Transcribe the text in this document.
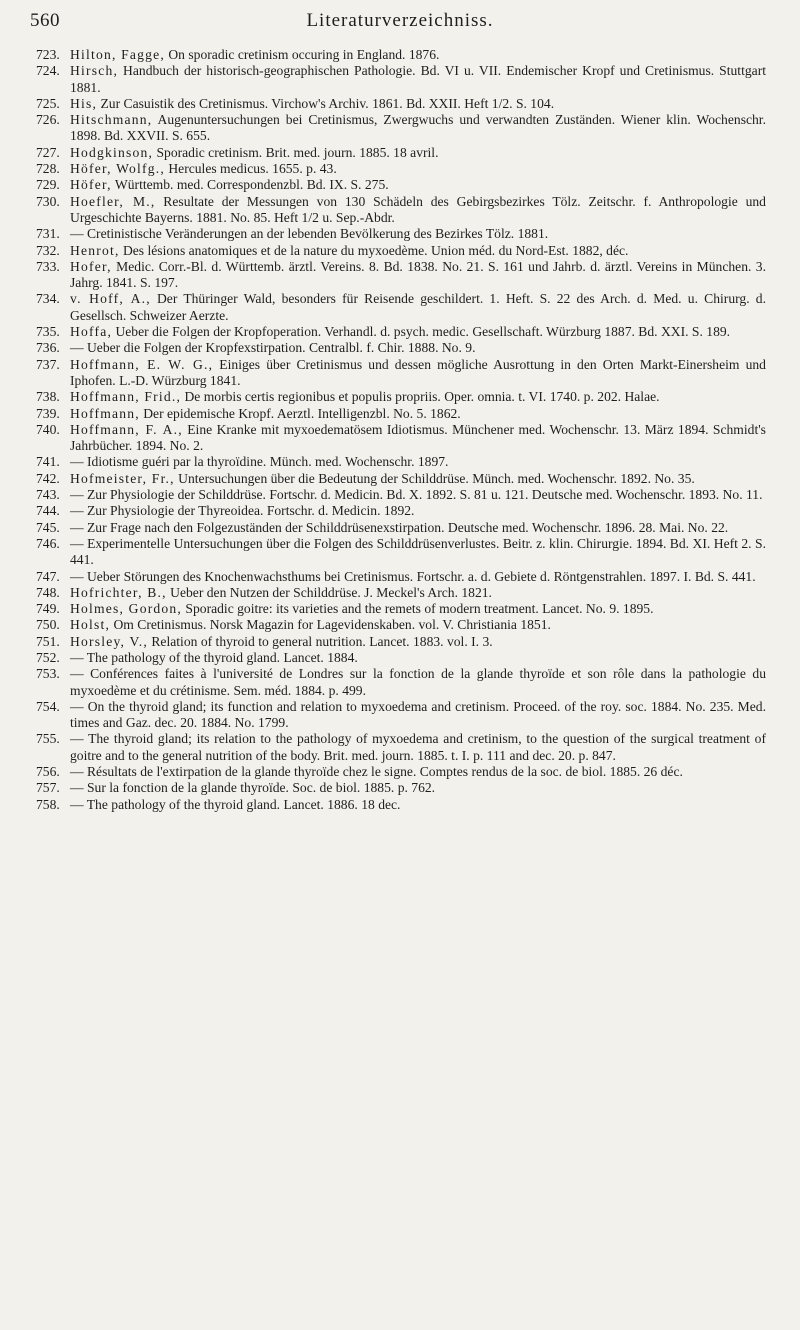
560	Literaturverzeichniss.
723. Hilton, Fagge, On sporadic cretinism occuring in England. 1876.
724. Hirsch, Handbuch der historisch-geographischen Pathologie. Bd. VI u. VII. Endemischer Kropf und Cretinismus. Stuttgart 1881.
725. His, Zur Casuistik des Cretinismus. Virchow's Archiv. 1861. Bd. XXII. Heft 1/2. S. 104.
726. Hitschmann, Augenuntersuchungen bei Cretinismus, Zwergwuchs und verwandten Zuständen. Wiener klin. Wochenschr. 1898. Bd. XXVII. S. 655.
727. Hodgkinson, Sporadic cretinism. Brit. med. journ. 1885. 18 avril.
728. Höfer, Wolfg., Hercules medicus. 1655. p. 43.
729. Höfer, Württemb. med. Correspondenzbl. Bd. IX. S. 275.
730. Hoefler, M., Resultate der Messungen von 130 Schädeln des Gebirgsbezirkes Tölz. Zeitschr. f. Anthropologie und Urgeschichte Bayerns. 1881. No. 85. Heft 1/2 u. Sep.-Abdr.
731. — Cretinistische Veränderungen an der lebenden Bevölkerung des Bezirkes Tölz. 1881.
732. Henrot, Des lésions anatomiques et de la nature du myxoedème. Union méd. du Nord-Est. 1882, déc.
733. Hofer, Medic. Corr.-Bl. d. Württemb. ärztl. Vereins. 8. Bd. 1838. No. 21. S. 161 und Jahrb. d. ärztl. Vereins in München. 3. Jahrg. 1841. S. 197.
734. v. Hoff, A., Der Thüringer Wald, besonders für Reisende geschildert. 1. Heft. S. 22 des Arch. d. Med. u. Chirurg. d. Gesellsch. Schweizer Aerzte.
735. Hoffa, Ueber die Folgen der Kropfoperation. Verhandl. d. psych. medic. Gesellschaft. Würzburg 1887. Bd. XXI. S. 189.
736. — Ueber die Folgen der Kropfexstirpation. Centralbl. f. Chir. 1888. No. 9.
737. Hoffmann, E. W. G., Einiges über Cretinismus und dessen mögliche Ausrottung in den Orten Markt-Einersheim und Iphofen. L.-D. Würzburg 1841.
738. Hoffmann, Frid., De morbis certis regionibus et populis propriis. Oper. omnia. t. VI. 1740. p. 202. Halae.
739. Hoffmann, Der epidemische Kropf. Aerztl. Intelligenzbl. No. 5. 1862.
740. Hoffmann, F. A., Eine Kranke mit myxoedematösem Idiotismus. Münchener med. Wochenschr. 13. März 1894. Schmidt's Jahrbücher. 1894. No. 2.
741. — Idiotisme guéri par la thyroïdine. Münch. med. Wochenschr. 1897.
742. Hofmeister, Fr., Untersuchungen über die Bedeutung der Schilddrüse. Münch. med. Wochenschr. 1892. No. 35.
743. — Zur Physiologie der Schilddrüse. Fortschr. d. Medicin. Bd. X. 1892. S. 81 u. 121. Deutsche med. Wochenschr. 1893. No. 11.
744. — Zur Physiologie der Thyreoidea. Fortschr. d. Medicin. 1892.
745. — Zur Frage nach den Folgezuständen der Schilddrüsenexstirpation. Deutsche med. Wochenschr. 1896. 28. Mai. No. 22.
746. — Experimentelle Untersuchungen über die Folgen des Schilddrüsenverlustes. Beitr. z. klin. Chirurgie. 1894. Bd. XI. Heft 2. S. 441.
747. — Ueber Störungen des Knochenwachsthums bei Cretinismus. Fortschr. a. d. Gebiete d. Röntgenstrahlen. 1897. I. Bd. S. 441.
748. Hofrichter, B., Ueber den Nutzen der Schilddrüse. J. Meckel's Arch. 1821.
749. Holmes, Gordon, Sporadic goitre: its varieties and the remets of modern treatment. Lancet. No. 9. 1895.
750. Holst, Om Cretinismus. Norsk Magazin for Lagevidenskaben. vol. V. Christiania 1851.
751. Horsley, V., Relation of thyroid to general nutrition. Lancet. 1883. vol. I. 3.
752. — The pathology of the thyroid gland. Lancet. 1884.
753. — Conférences faites à l'université de Londres sur la fonction de la glande thyroïde et son rôle dans la pathologie du myxoedème et du crétinisme. Sem. méd. 1884. p. 499.
754. — On the thyroid gland; its function and relation to myxoedema and cretinism. Proceed. of the roy. soc. 1884. No. 235. Med. times and Gaz. dec. 20. 1884. No. 1799.
755. — The thyroid gland; its relation to the pathology of myxoedema and cretinism, to the question of the surgical treatment of goitre and to the general nutrition of the body. Brit. med. journ. 1885. t. I. p. 111 and dec. 20. p. 847.
756. — Résultats de l'extirpation de la glande thyroïde chez le signe. Comptes rendus de la soc. de biol. 1885. 26 déc.
757. — Sur la fonction de la glande thyroïde. Soc. de biol. 1885. p. 762.
758. — The pathology of the thyroid gland. Lancet. 1886. 18 dec.
